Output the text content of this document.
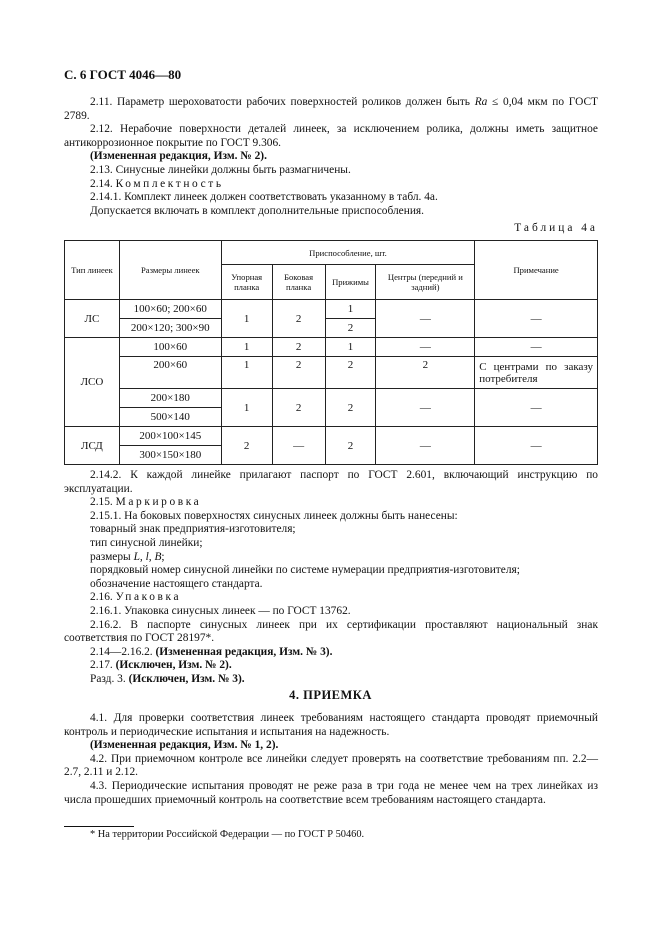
С. 6 ГОСТ 4046—80

2.11. Параметр шероховатости рабочих поверхностей роликов должен быть Ra ≤ 0,04 мкм по ГОСТ 2789.

2.12. Нерабочие поверхности деталей линеек, за исключением ролика, должны иметь защитное антикоррозионное покрытие по ГОСТ 9.306.

(Измененная редакция, Изм. № 2).

2.13. Синусные линейки должны быть размагничены.

2.14. Комплектность

2.14.1. Комплект линеек должен соответствовать указанному в табл. 4а.

Допускается включать в комплект дополнительные приспособления.

Таблица 4а
Тип линеек	Размеры линеек	Приспособление, шт.				Примечание
		Упорная планка	Боковая планка	Прижимы	Центры (передний и задний)	
ЛС	100×60; 200×60	1	2	1	—	—
	200×120; 300×90			2		
ЛСО	100×60	1	2	1	—	—
	200×60	1	2	2	2	С центрами по заказу потребителя
	200×180	1	2	2	—	—
	500×140					
ЛСД	200×100×145	2	—	2	—	—
	300×150×180					

2.14.2. К каждой линейке прилагают паспорт по ГОСТ 2.601, включающий инструкцию по эксплуатации.

2.15. Маркировка

2.15.1. На боковых поверхностях синусных линеек должны быть нанесены:

товарный знак предприятия-изготовителя;

тип синусной линейки;

размеры L, l, B;

порядковый номер синусной линейки по системе нумерации предприятия-изготовителя;

обозначение настоящего стандарта.

2.16. Упаковка

2.16.1. Упаковка синусных линеек — по ГОСТ 13762.

2.16.2. В паспорте синусных линеек при их сертификации проставляют национальный знак соответствия по ГОСТ 28197*.

2.14—2.16.2. (Измененная редакция, Изм. № 3).

2.17. (Исключен, Изм. № 2).

Разд. 3. (Исключен, Изм. № 3).

4. ПРИЕМКА

4.1. Для проверки соответствия линеек требованиям настоящего стандарта проводят приемочный контроль и периодические испытания и испытания на надежность.

(Измененная редакция, Изм. № 1, 2).

4.2. При приемочном контроле все линейки следует проверять на соответствие требованиям пп. 2.2—2.7, 2.11 и 2.12.

4.3. Периодические испытания проводят не реже раза в три года не менее чем на трех линейках из числа прошедших приемочный контроль на соответствие всем требованиям настоящего стандарта.

* На территории Российской Федерации — по ГОСТ Р 50460.
